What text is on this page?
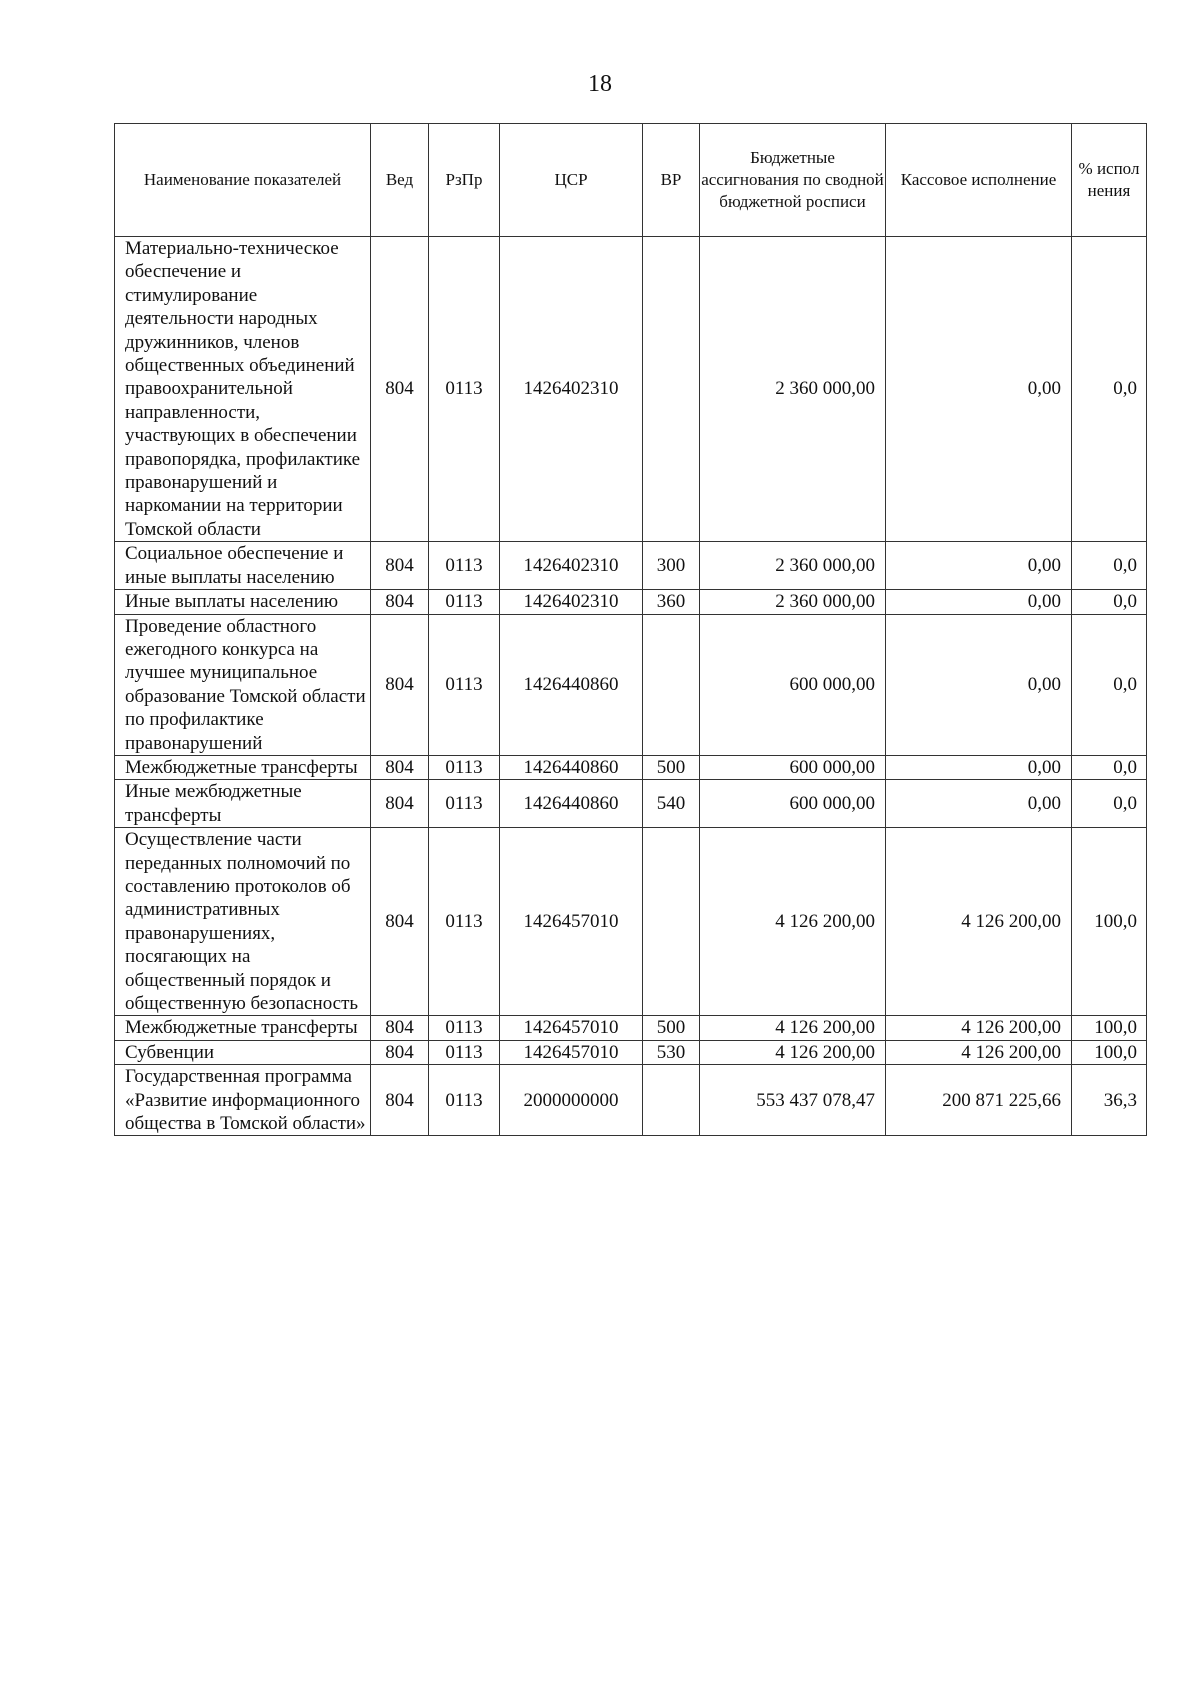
18
Наименование показателей	Вед	РзПр	ЦСР	ВР	Бюджетные ассигнования по сводной бюджетной росписи	Кассовое исполнение	% испол нения
Материально-техническое обеспечение и стимулирование деятельности народных дружинников, членов общественных объединений правоохранительной направленности, участвующих в обеспечении правопорядка, профилактике правонарушений и наркомании на территории Томской области	804	0113	1426402310		2 360 000,00	0,00	0,0
Социальное обеспечение и иные выплаты населению	804	0113	1426402310	300	2 360 000,00	0,00	0,0
Иные выплаты населению	804	0113	1426402310	360	2 360 000,00	0,00	0,0
Проведение областного ежегодного конкурса на лучшее муниципальное образование Томской области по профилактике правонарушений	804	0113	1426440860		600 000,00	0,00	0,0
Межбюджетные трансферты	804	0113	1426440860	500	600 000,00	0,00	0,0
Иные межбюджетные трансферты	804	0113	1426440860	540	600 000,00	0,00	0,0
Осуществление части переданных полномочий по составлению протоколов об административных правонарушениях, посягающих на общественный порядок и общественную безопасность	804	0113	1426457010		4 126 200,00	4 126 200,00	100,0
Межбюджетные трансферты	804	0113	1426457010	500	4 126 200,00	4 126 200,00	100,0
Субвенции	804	0113	1426457010	530	4 126 200,00	4 126 200,00	100,0
Государственная программа «Развитие информационного общества в Томской области»	804	0113	2000000000		553 437 078,47	200 871 225,66	36,3
